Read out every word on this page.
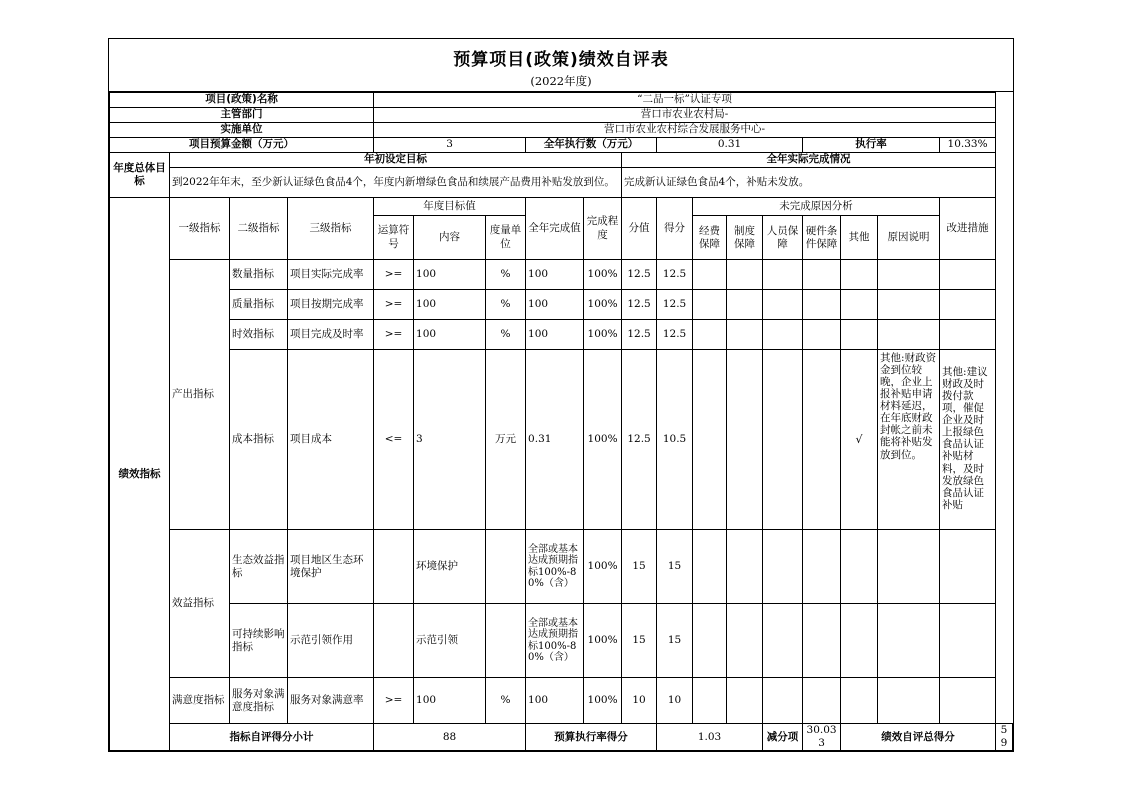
预算项目(政策)绩效自评表
(2022年度)
项目(政策)名称				“二品一标”认证专项														
主管部门				营口市农业农村局-														
实施单位				营口市农业农村综合发展服务中心-														
项目预算金额（万元）				3			全年执行数（万元）			0.31				执行率			10.33%	
年度总体目标	年初设定目标								全年实际完成情况									
	到2022年年末，至少新认证绿色食品4个，年度内新增绿色食品和续展产品费用补贴发放到位。								完成新认证绿色食品4个，补贴未发放。									
绩效指标	一级指标	二级指标	三级指标	年度目标值			全年完成值	完成程度	分值	得分	未完成原因分析						改进措施	
				运算符号	内容	度量单位					经费保障	制度保障	人员保障	硬件条件保障	其他	原因说明		
	产出指标	数量指标	项目实际完成率	>=	100	%	100	100%	12.5	12.5								
		质量指标	项目按期完成率	>=	100	%	100	100%	12.5	12.5								
		时效指标	项目完成及时率	>=	100	%	100	100%	12.5	12.5								
		成本指标	项目成本	<=	3	万元	0.31	100%	12.5	10.5					√	其他:财政资金到位较晚，企业上报补贴申请材料延迟，在年底财政封帐之前未能将补贴发放到位。	其他:建议财政及时拨付款项，催促企业及时上报绿色食品认证补贴材料，及时发放绿色食品认证补贴	
	效益指标	生态效益指标	项目地区生态环境保护		环境保护		全部或基本达成预期指标100%-80%（含）	100%	15	15								
		可持续影响指标	示范引领作用		示范引领		全部或基本达成预期指标100%-80%（含）	100%	15	15								
	满意度指标	服务对象满意度指标	服务对象满意率	>=	100	%	100	100%	10	10								
	指标自评得分小计			88			预算执行率得分			1.03			减分项	30.033	绩效自评总得分			59
